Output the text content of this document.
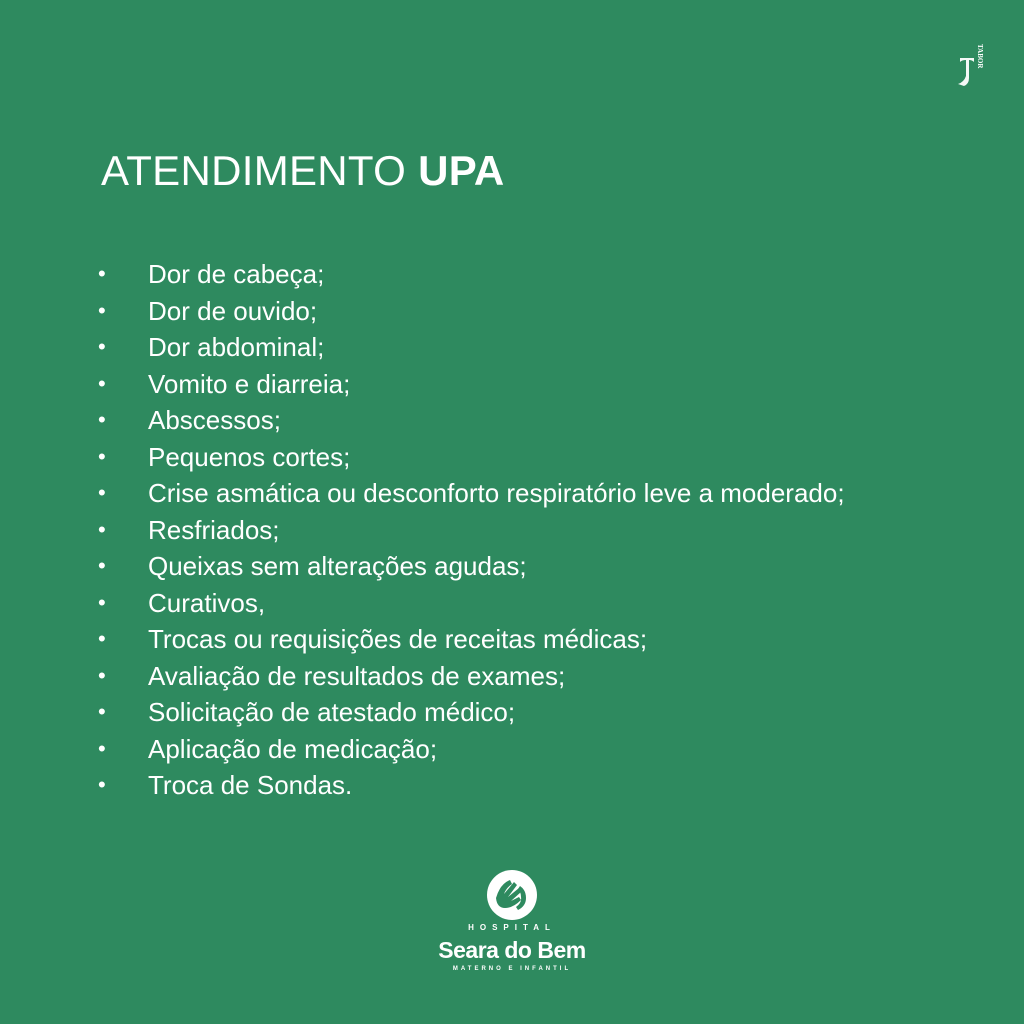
TABOR
ATENDIMENTO UPA
• Dor de cabeça;
• Dor de ouvido;
• Dor abdominal;
• Vomito e diarreia;
• Abscessos;
• Pequenos cortes;
• Crise asmática ou desconforto respiratório leve a moderado;
• Resfriados;
• Queixas sem alterações agudas;
• Curativos,
• Trocas ou requisições de receitas médicas;
• Avaliação de resultados de exames;
• Solicitação de atestado médico;
• Aplicação de medicação;
• Troca de Sondas.
HOSPITAL
Seara do Bem
MATERNO E INFANTIL
